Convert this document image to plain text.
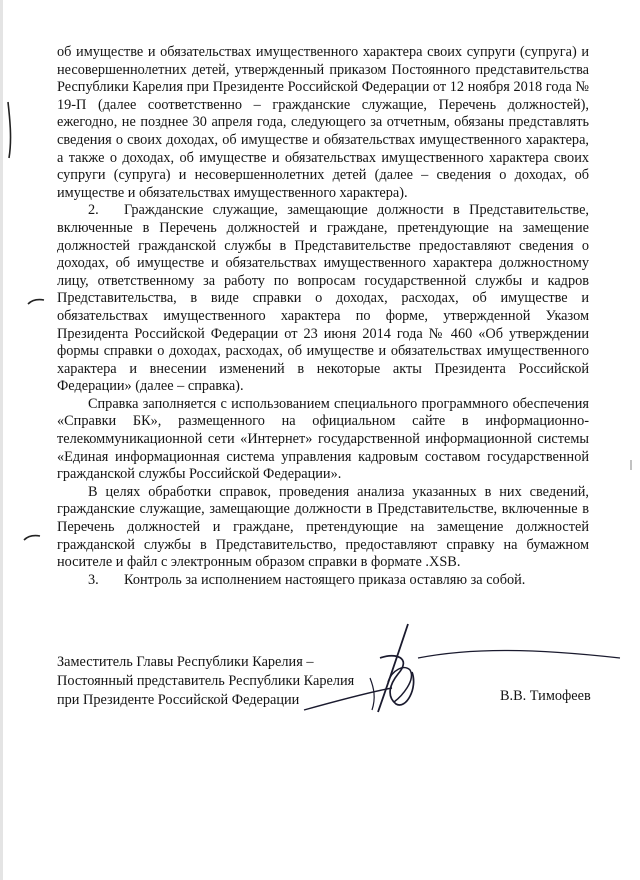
об имуществе и обязательствах имущественного характера своих супруги (супруга) и несовершеннолетних детей, утвержденный приказом Постоянного представительства Республики Карелия при Президенте Российской Федерации от 12 ноября 2018 года № 19-П (далее соответственно – гражданские служащие, Перечень должностей), ежегодно, не позднее 30 апреля года, следующего за отчетным, обязаны представлять сведения о своих доходах, об имуществе и обязательствах имущественного характера, а также о доходах, об имуществе и обязательствах имущественного характера своих супруги (супруга) и несовершеннолетних детей (далее – сведения о доходах, об имуществе и обязательствах имущественного характера).

2. Гражданские служащие, замещающие должности в Представительстве, включенные в Перечень должностей и граждане, претендующие на замещение должностей гражданской службы в Представительстве предоставляют сведения о доходах, об имуществе и обязательствах имущественного характера должностному лицу, ответственному за работу по вопросам государственной службы и кадров Представительства, в виде справки о доходах, расходах, об имуществе и обязательствах имущественного характера по форме, утвержденной Указом Президента Российской Федерации от 23 июня 2014 года № 460 «Об утверждении формы справки о доходах, расходах, об имуществе и обязательствах имущественного характера и внесении изменений в некоторые акты Президента Российской Федерации» (далее – справка).

Справка заполняется с использованием специального программного обеспечения «Справки БК», размещенного на официальном сайте в информационно-телекоммуникационной сети «Интернет» государственной информационной системы «Единая информационная система управления кадровым составом государственной гражданской службы Российской Федерации».

В целях обработки справок, проведения анализа указанных в них сведений, гражданские служащие, замещающие должности в Представительстве, включенные в Перечень должностей и граждане, претендующие на замещение должностей гражданской службы в Представительство, предоставляют справку на бумажном носителе и файл с электронным образом справки в формате .XSB.

3. Контроль за исполнением настоящего приказа оставляю за собой.

Заместитель Главы Республики Карелия –
Постоянный представитель Республики Карелия
при Президенте Российской Федерации	В.В. Тимофеев
